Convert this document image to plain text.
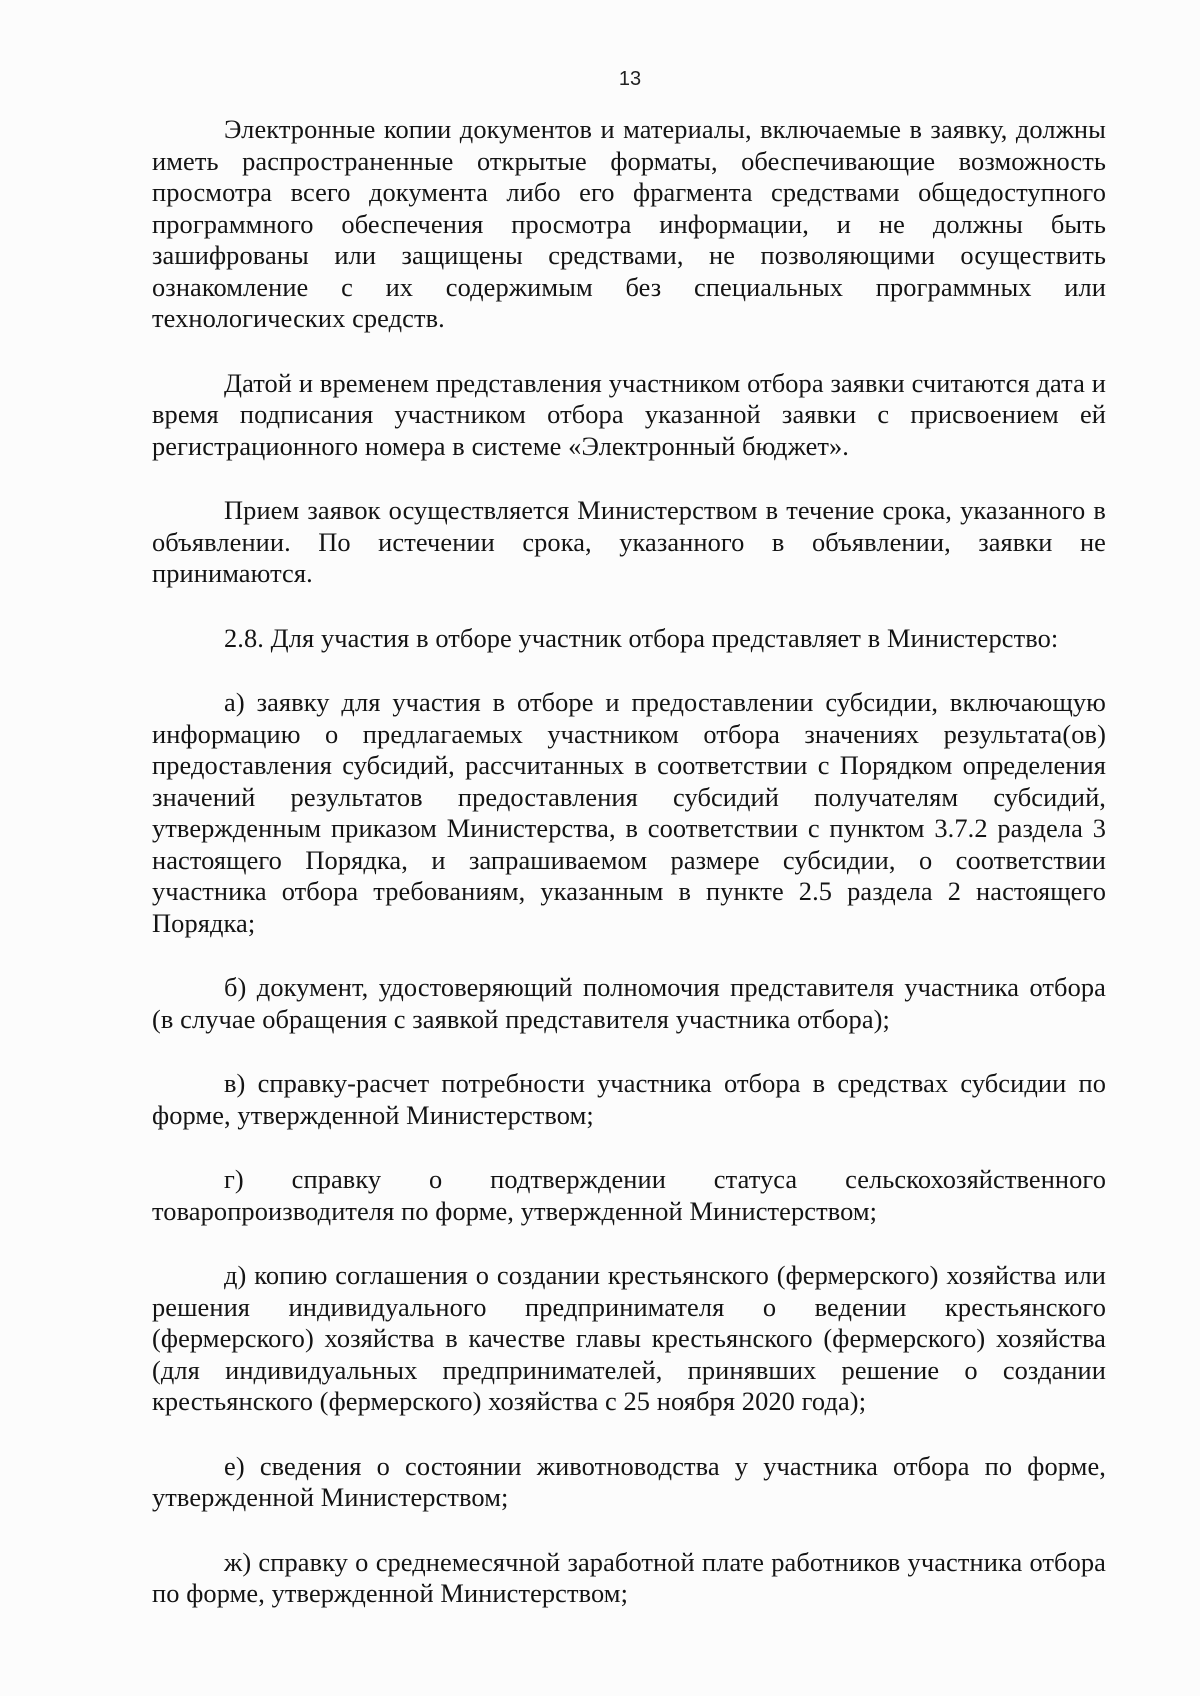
13

Электронные копии документов и материалы, включаемые в заявку, должны иметь распространенные открытые форматы, обеспечивающие возможность просмотра всего документа либо его фрагмента средствами общедоступного программного обеспечения просмотра информации, и не должны быть зашифрованы или защищены средствами, не позволяющими осуществить ознакомление с их содержимым без специальных программных или технологических средств.

Датой и временем представления участником отбора заявки считаются дата и время подписания участником отбора указанной заявки с присвоением ей регистрационного номера в системе «Электронный бюджет».

Прием заявок осуществляется Министерством в течение срока, указанного в объявлении. По истечении срока, указанного в объявлении, заявки не принимаются.

2.8. Для участия в отборе участник отбора представляет в Министерство:

а) заявку для участия в отборе и предоставлении субсидии, включающую информацию о предлагаемых участником отбора значениях результата(ов) предоставления субсидий, рассчитанных в соответствии с Порядком определения значений результатов предоставления субсидий получателям субсидий, утвержденным приказом Министерства, в соответствии с пунктом 3.7.2 раздела 3 настоящего Порядка, и запрашиваемом размере субсидии, о соответствии участника отбора требованиям, указанным в пункте 2.5 раздела 2 настоящего Порядка;

б) документ, удостоверяющий полномочия представителя участника отбора (в случае обращения с заявкой представителя участника отбора);

в) справку-расчет потребности участника отбора в средствах субсидии по форме, утвержденной Министерством;

г) справку о подтверждении статуса сельскохозяйственного товаропроизводителя по форме, утвержденной Министерством;

д) копию соглашения о создании крестьянского (фермерского) хозяйства или решения индивидуального предпринимателя о ведении крестьянского (фермерского) хозяйства в качестве главы крестьянского (фермерского) хозяйства (для индивидуальных предпринимателей, принявших решение о создании крестьянского (фермерского) хозяйства с 25 ноября 2020 года);

е) сведения о состоянии животноводства у участника отбора по форме, утвержденной Министерством;

ж) справку о среднемесячной заработной плате работников участника отбора по форме, утвержденной Министерством;
